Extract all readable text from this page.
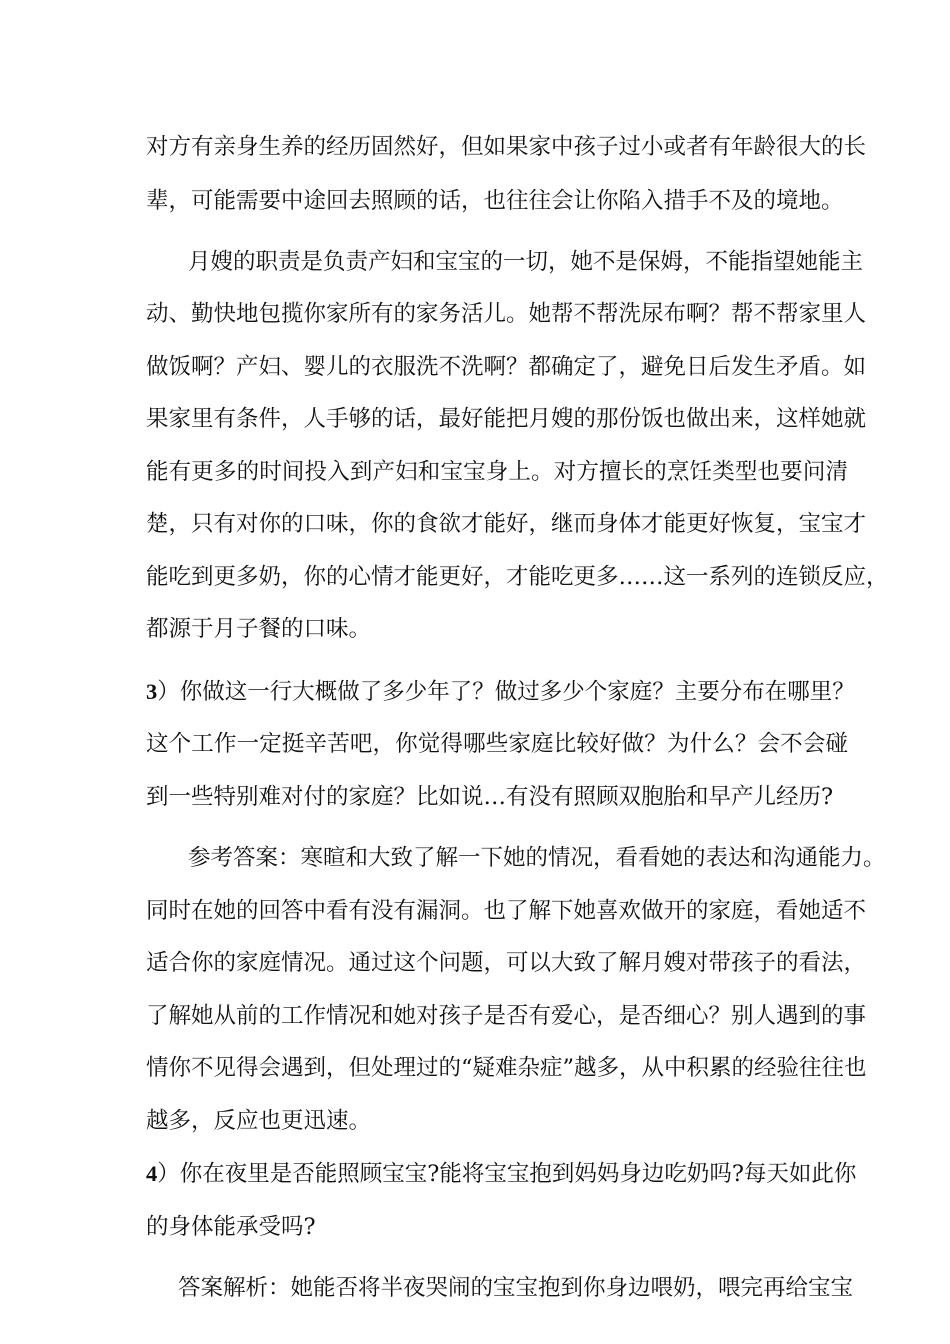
对方有亲身生养的经历固然好，但如果家中孩子过小或者有年龄很大的长
辈，可能需要中途回去照顾的话，也往往会让你陷入措手不及的境地。
月嫂的职责是负责产妇和宝宝的一切，她不是保姆，不能指望她能主
动、勤快地包揽你家所有的家务活儿。她帮不帮洗尿布啊？帮不帮家里人
做饭啊？产妇、婴儿的衣服洗不洗啊？都确定了，避免日后发生矛盾。如
果家里有条件，人手够的话，最好能把月嫂的那份饭也做出来，这样她就
能有更多的时间投入到产妇和宝宝身上。对方擅长的烹饪类型也要问清
楚，只有对你的口味，你的食欲才能好，继而身体才能更好恢复，宝宝才
能吃到更多奶，你的心情才能更好，才能吃更多……这一系列的连锁反应，
都源于月子餐的口味。
3）你做这一行大概做了多少年了？做过多少个家庭？主要分布在哪里？
这个工作一定挺辛苦吧，你觉得哪些家庭比较好做？为什么？会不会碰
到一些特别难对付的家庭？比如说…有没有照顾双胞胎和早产儿经历?
参考答案：寒暄和大致了解一下她的情况，看看她的表达和沟通能力。
同时在她的回答中看有没有漏洞。也了解下她喜欢做开的家庭，看她适不
适合你的家庭情况。通过这个问题，可以大致了解月嫂对带孩子的看法，
了解她从前的工作情况和她对孩子是否有爱心，是否细心？别人遇到的事
情你不见得会遇到，但处理过的“疑难杂症”越多，从中积累的经验往往也
越多，反应也更迅速。
4）你在夜里是否能照顾宝宝?能将宝宝抱到妈妈身边吃奶吗?每天如此你
的身体能承受吗?
答案解析：她能否将半夜哭闹的宝宝抱到你身边喂奶，喂完再给宝宝
